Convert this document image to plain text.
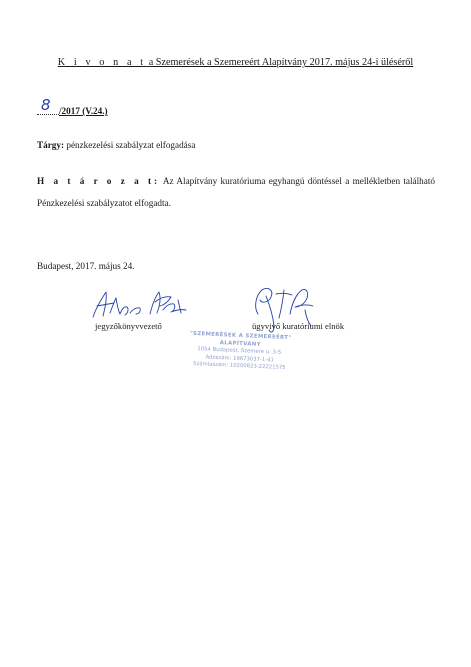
K i v o n a t a Szemerések a Szemereért Alapítvány 2017. május 24-i üléséről
8 /2017 (V.24.)
Tárgy: pénzkezelési szabályzat elfogadása
H a t á r o z a t: Az Alapítvány kuratóriuma egyhangú döntéssel a mellékletben található Pénzkezelési szabályzatot elfogadta.
Budapest, 2017. május 24.
jegyzőkönyvvezető	ügyvivő kuratóriumi elnök
"SZEMERÉSEK A SZEMEREÉRT"
ALAPÍTVÁNY
1054 Budapest, Szemere u. 3-5.
Adószám: 19673037-1-41
Számlaszám: 10200823-22221575
